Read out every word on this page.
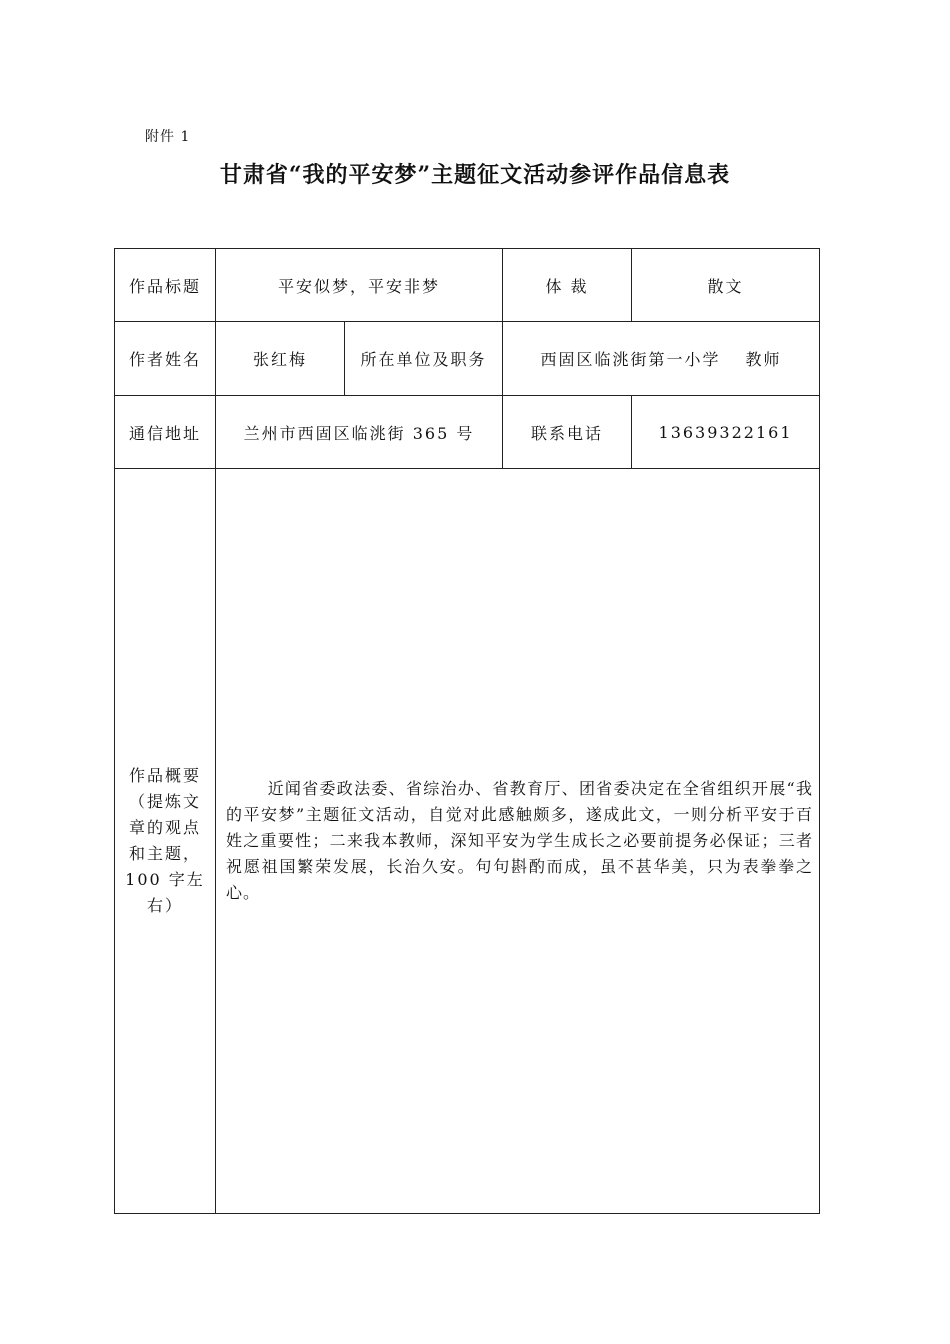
附件 1
甘肃省“我的平安梦”主题征文活动参评作品信息表
作品标题	平安似梦，平安非梦		体 裁	散文
作者姓名	张红梅	所在单位及职务	西固区临洮街第一小学　 教师	
通信地址	兰州市西固区临洮街 365 号		联系电话	13639322161
作品概要（提炼文章的观点和主题，100 字左右）	近闻省委政法委、省综治办、省教育厅、团省委决定在全省组织开展“我的平安梦”主题征文活动，自觉对此感触颇多，遂成此文，一则分析平安于百姓之重要性；二来我本教师，深知平安为学生成长之必要前提务必保证；三者祝愿祖国繁荣发展，长治久安。句句斟酌而成，虽不甚华美，只为表拳拳之心。			
